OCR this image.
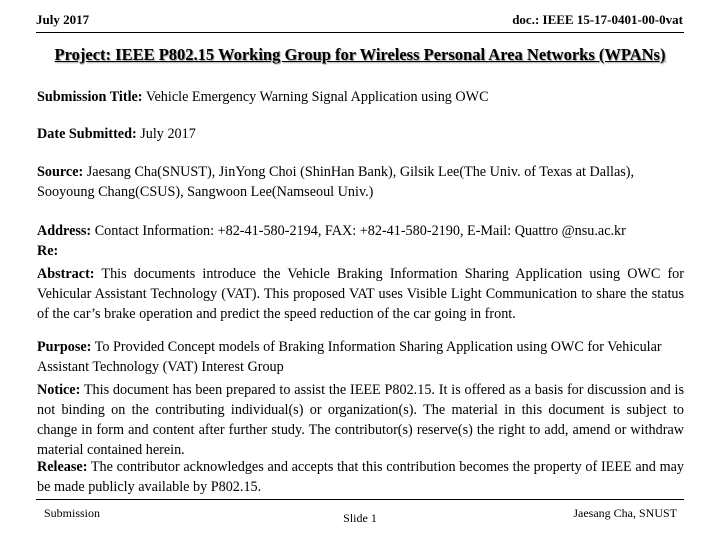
July 2017	doc.: IEEE 15-17-0401-00-0vat
Project: IEEE P802.15 Working Group for Wireless Personal Area Networks (WPANs)
Submission Title: Vehicle Emergency Warning Signal Application using OWC
Date Submitted: July 2017
Source: Jaesang Cha(SNUST), JinYong Choi (ShinHan Bank), Gilsik Lee(The Univ. of Texas at Dallas), Sooyoung Chang(CSUS), Sangwoon Lee(Namseoul Univ.)
Address: Contact Information: +82-41-580-2194, FAX: +82-41-580-2190, E-Mail: Quattro @nsu.ac.kr
Re:
Abstract: This documents introduce the Vehicle Braking Information Sharing Application using OWC for Vehicular Assistant Technology (VAT). This proposed VAT uses Visible Light Communication to share the status of the car’s brake operation and predict the speed reduction of the car going in front.
Purpose: To Provided Concept models of Braking Information Sharing Application using OWC for Vehicular Assistant Technology (VAT) Interest Group
Notice: This document has been prepared to assist the IEEE P802.15. It is offered as a basis for discussion and is not binding on the contributing individual(s) or organization(s). The material in this document is subject to change in form and content after further study. The contributor(s) reserve(s) the right to add, amend or withdraw material contained herein.
Release: The contributor acknowledges and accepts that this contribution becomes the property of IEEE and may be made publicly available by P802.15.
Submission	Slide 1	Jaesang Cha, SNUST
